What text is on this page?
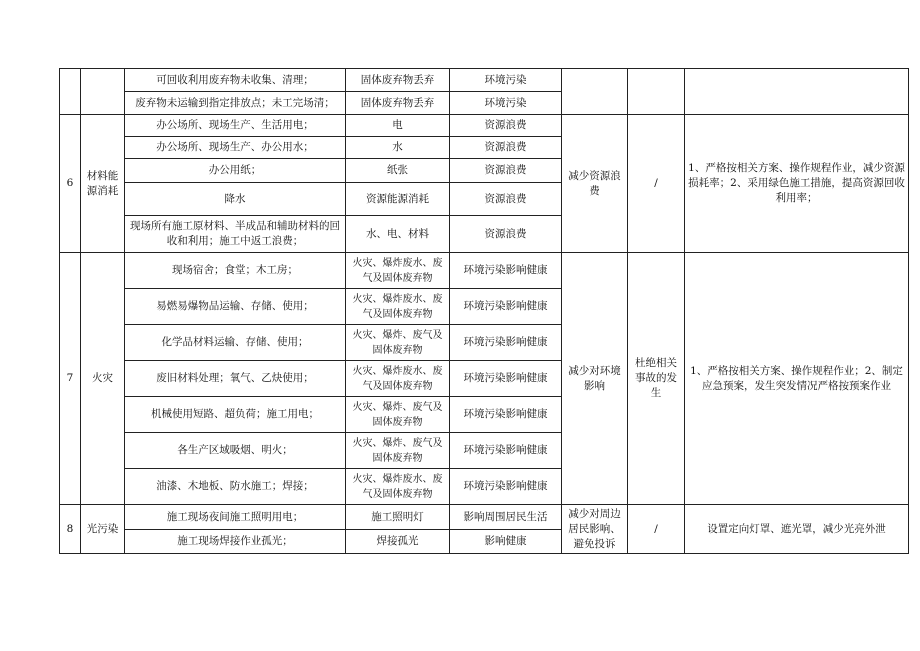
		可回收利用废弃物未收集、清理；	固体废弃物丢弃	环境污染			
		废弃物未运输到指定排放点；未工完场清；	固体废弃物丢弃	环境污染			
6	材料能源消耗	办公场所、现场生产、生活用电；	电	资源浪费	减少资源浪费	/	1、严格按相关方案、操作规程作业，减少资源损耗率；2、采用绿色施工措施，提高资源回收利用率；
		办公场所、现场生产、办公用水；	水	资源浪费			
		办公用纸；	纸张	资源浪费			
		降水	资源能源消耗	资源浪费			
		现场所有施工原材料、半成品和辅助材料的回收和利用；施工中返工浪费；	水、电、材料	资源浪费			
7	火灾	现场宿舍；食堂；木工房；	火灾、爆炸废水、废气及固体废弃物	环境污染影响健康	减少对环境影响	杜绝相关事故的发生	1、严格按相关方案、操作规程作业；2、制定应急预案，发生突发情况严格按预案作业
		易燃易爆物品运输、存储、使用；	火灾、爆炸废水、废气及固体废弃物	环境污染影响健康			
		化学品材料运输、存储、使用；	火灾、爆炸、废气及固体废弃物	环境污染影响健康			
		废旧材料处理；氧气、乙炔使用；	火灾、爆炸废水、废气及固体废弃物	环境污染影响健康			
		机械使用短路、超负荷；施工用电；	火灾、爆炸、废气及固体废弃物	环境污染影响健康			
		各生产区域吸烟、明火；	火灾、爆炸、废气及固体废弃物	环境污染影响健康			
		油漆、木地板、防水施工；焊接；	火灾、爆炸废水、废气及固体废弃物	环境污染影响健康			
8	光污染	施工现场夜间施工照明用电；	施工照明灯	影响周围居民生活	减少对周边居民影响、避免投诉	/	设置定向灯罩、遮光罩，减少光亮外泄
		施工现场焊接作业孤光；	焊接孤光	影响健康			
